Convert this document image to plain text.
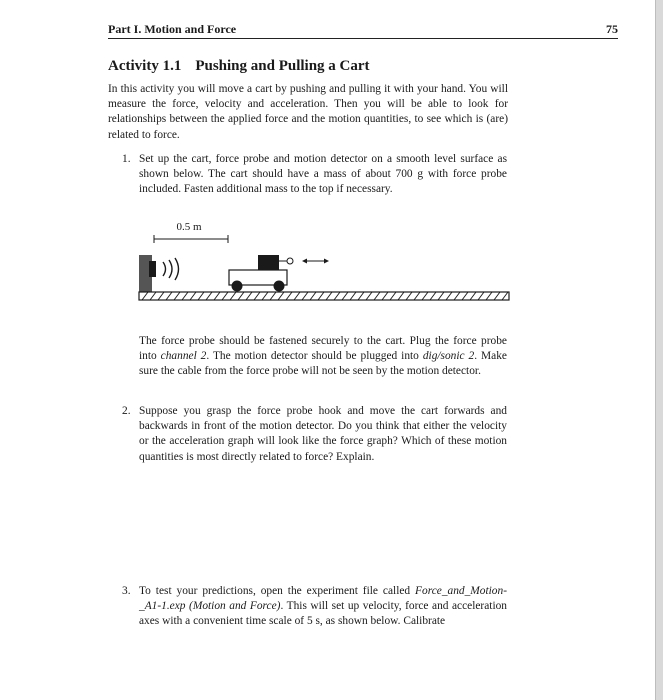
Part I. Motion and Force	75
Activity 1.1 Pushing and Pulling a Cart
In this activity you will move a cart by pushing and pulling it with your hand. You will measure the force, velocity and acceleration. Then you will be able to look for relationships between the applied force and the motion quantities, to see which is (are) related to force.
1. Set up the cart, force probe and motion detector on a smooth level surface as shown below. The cart should have a mass of about 700 g with force probe included. Fasten additional mass to the top if necessary.
0.5 m
The force probe should be fastened securely to the cart. Plug the force probe into channel 2. The motion detector should be plugged into dig/sonic 2. Make sure the cable from the force probe will not be seen by the motion detector.
2. Suppose you grasp the force probe hook and move the cart forwards and backwards in front of the motion detector. Do you think that either the velocity or the acceleration graph will look like the force graph? Which of these motion quantities is most directly related to force? Explain.
3. To test your predictions, open the experiment file called Force_and_Motion-_A1-1.exp (Motion and Force). This will set up velocity, force and acceleration axes with a convenient time scale of 5 s, as shown below. Calibrate
